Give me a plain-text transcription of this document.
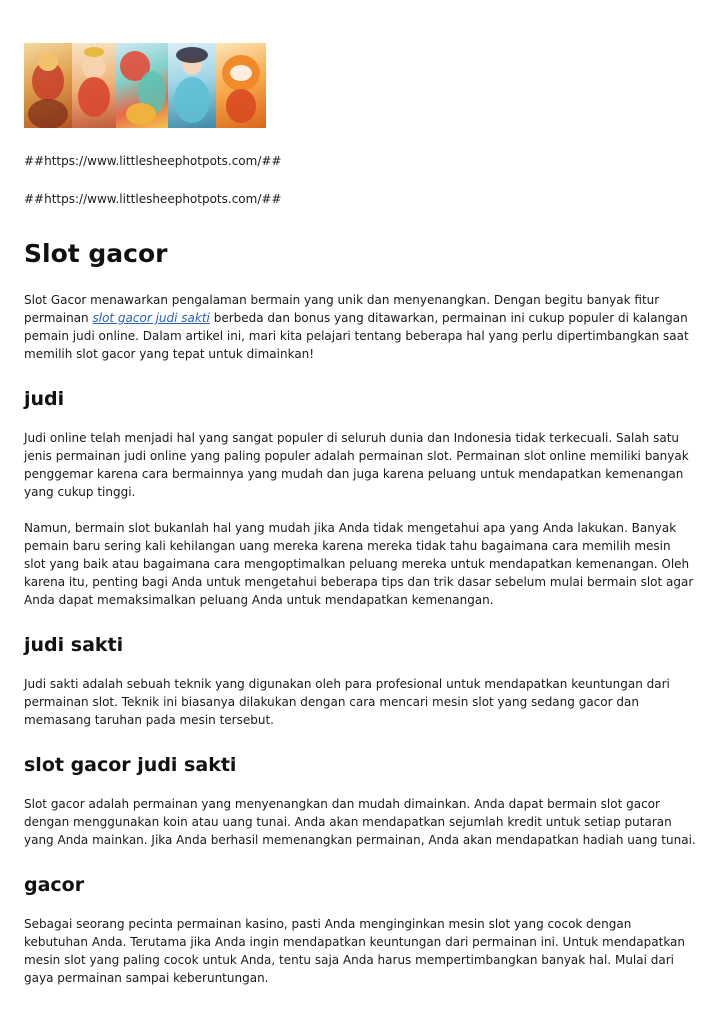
##https://www.littlesheephotpots.com/##

##https://www.littlesheephotpots.com/##

Slot gacor

Slot Gacor menawarkan pengalaman bermain yang unik dan menyenangkan. Dengan begitu banyak fitur permainan slot gacor judi sakti berbeda dan bonus yang ditawarkan, permainan ini cukup populer di kalangan pemain judi online. Dalam artikel ini, mari kita pelajari tentang beberapa hal yang perlu dipertimbangkan saat memilih slot gacor yang tepat untuk dimainkan!

judi

Judi online telah menjadi hal yang sangat populer di seluruh dunia dan Indonesia tidak terkecuali. Salah satu jenis permainan judi online yang paling populer adalah permainan slot. Permainan slot online memiliki banyak penggemar karena cara bermainnya yang mudah dan juga karena peluang untuk mendapatkan kemenangan yang cukup tinggi.

Namun, bermain slot bukanlah hal yang mudah jika Anda tidak mengetahui apa yang Anda lakukan. Banyak pemain baru sering kali kehilangan uang mereka karena mereka tidak tahu bagaimana cara memilih mesin slot yang baik atau bagaimana cara mengoptimalkan peluang mereka untuk mendapatkan kemenangan. Oleh karena itu, penting bagi Anda untuk mengetahui beberapa tips dan trik dasar sebelum mulai bermain slot agar Anda dapat memaksimalkan peluang Anda untuk mendapatkan kemenangan.

judi sakti

Judi sakti adalah sebuah teknik yang digunakan oleh para profesional untuk mendapatkan keuntungan dari permainan slot. Teknik ini biasanya dilakukan dengan cara mencari mesin slot yang sedang gacor dan memasang taruhan pada mesin tersebut.

slot gacor judi sakti

Slot gacor adalah permainan yang menyenangkan dan mudah dimainkan. Anda dapat bermain slot gacor dengan menggunakan koin atau uang tunai. Anda akan mendapatkan sejumlah kredit untuk setiap putaran yang Anda mainkan. Jika Anda berhasil memenangkan permainan, Anda akan mendapatkan hadiah uang tunai.

gacor

Sebagai seorang pecinta permainan kasino, pasti Anda menginginkan mesin slot yang cocok dengan kebutuhan Anda. Terutama jika Anda ingin mendapatkan keuntungan dari permainan ini. Untuk mendapatkan mesin slot yang paling cocok untuk Anda, tentu saja Anda harus mempertimbangkan banyak hal. Mulai dari gaya permainan sampai keberuntungan.
